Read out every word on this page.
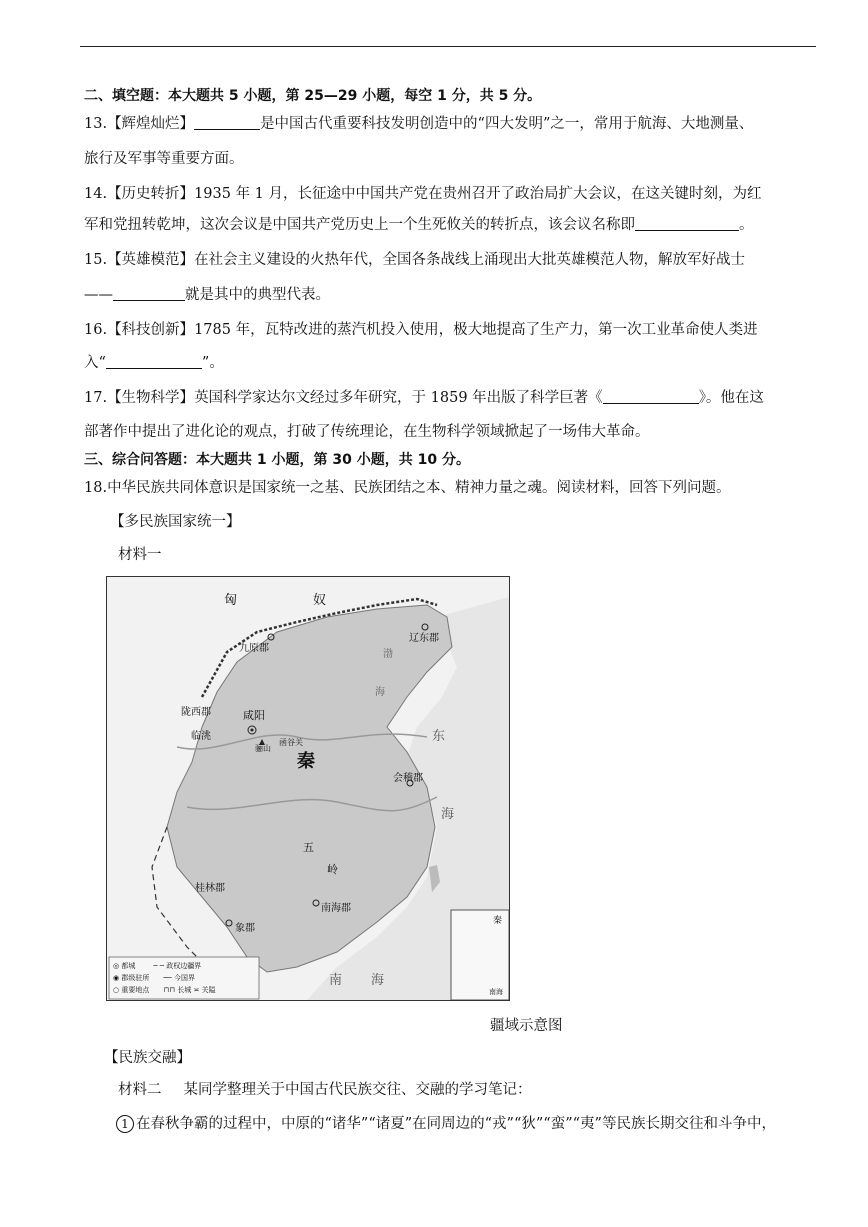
二、填空题：本大题共 5 小题，第 25—29 小题，每空 1 分，共 5 分。
13.【辉煌灿烂】	是中国古代重要科技发明创造中的“四大发明”之一，常用于航海、大地测量、
旅行及军事等重要方面。
14.【历史转折】1935 年 1 月，长征途中中国共产党在贵州召开了政治局扩大会议，在这关键时刻，为红
军和党扭转乾坤，这次会议是中国共产党历史上一个生死攸关的转折点，该会议名称即	。
15.【英雄模范】在社会主义建设的火热年代，全国各条战线上涌现出大批英雄模范人物，解放军好战士
——	就是其中的典型代表。
16.【科技创新】1785 年，瓦特改进的蒸汽机投入使用，极大地提高了生产力，第一次工业革命使人类进
入“	”。
17.【生物科学】英国科学家达尔文经过多年研究，于 1859 年出版了科学巨著《	》。他在这
部著作中提出了进化论的观点，打破了传统理论，在生物科学领域掀起了一场伟大革命。
三、综合问答题：本大题共 1 小题，第 30 小题，共 10 分。
18.中华民族共同体意识是国家统一之基、民族团结之本、精神力量之魂。阅读材料，回答下列问题。
【多民族国家统一】
材料一
匈	奴
辽东郡
九原郡
渤
海
陇西郡
临洮
咸阳
骊山
函谷关
秦
会稽郡
东
海
五
岭
桂林郡
象郡
南海郡
南 海
秦
南海
◎ 都城	─ ─ 政权边疆界
◉ 郡级驻所 ── 今国界
○ 重要地点 ⊓⊓ 长城 ≍ 关隘
疆域示意图
【民族交融】
材料二 某同学整理关于中国古代民族交往、交融的学习笔记：
1 在春秋争霸的过程中，中原的“诸华”“诸夏”在同周边的“戎”“狄”“蛮”“夷”等民族长期交往和斗争中，
